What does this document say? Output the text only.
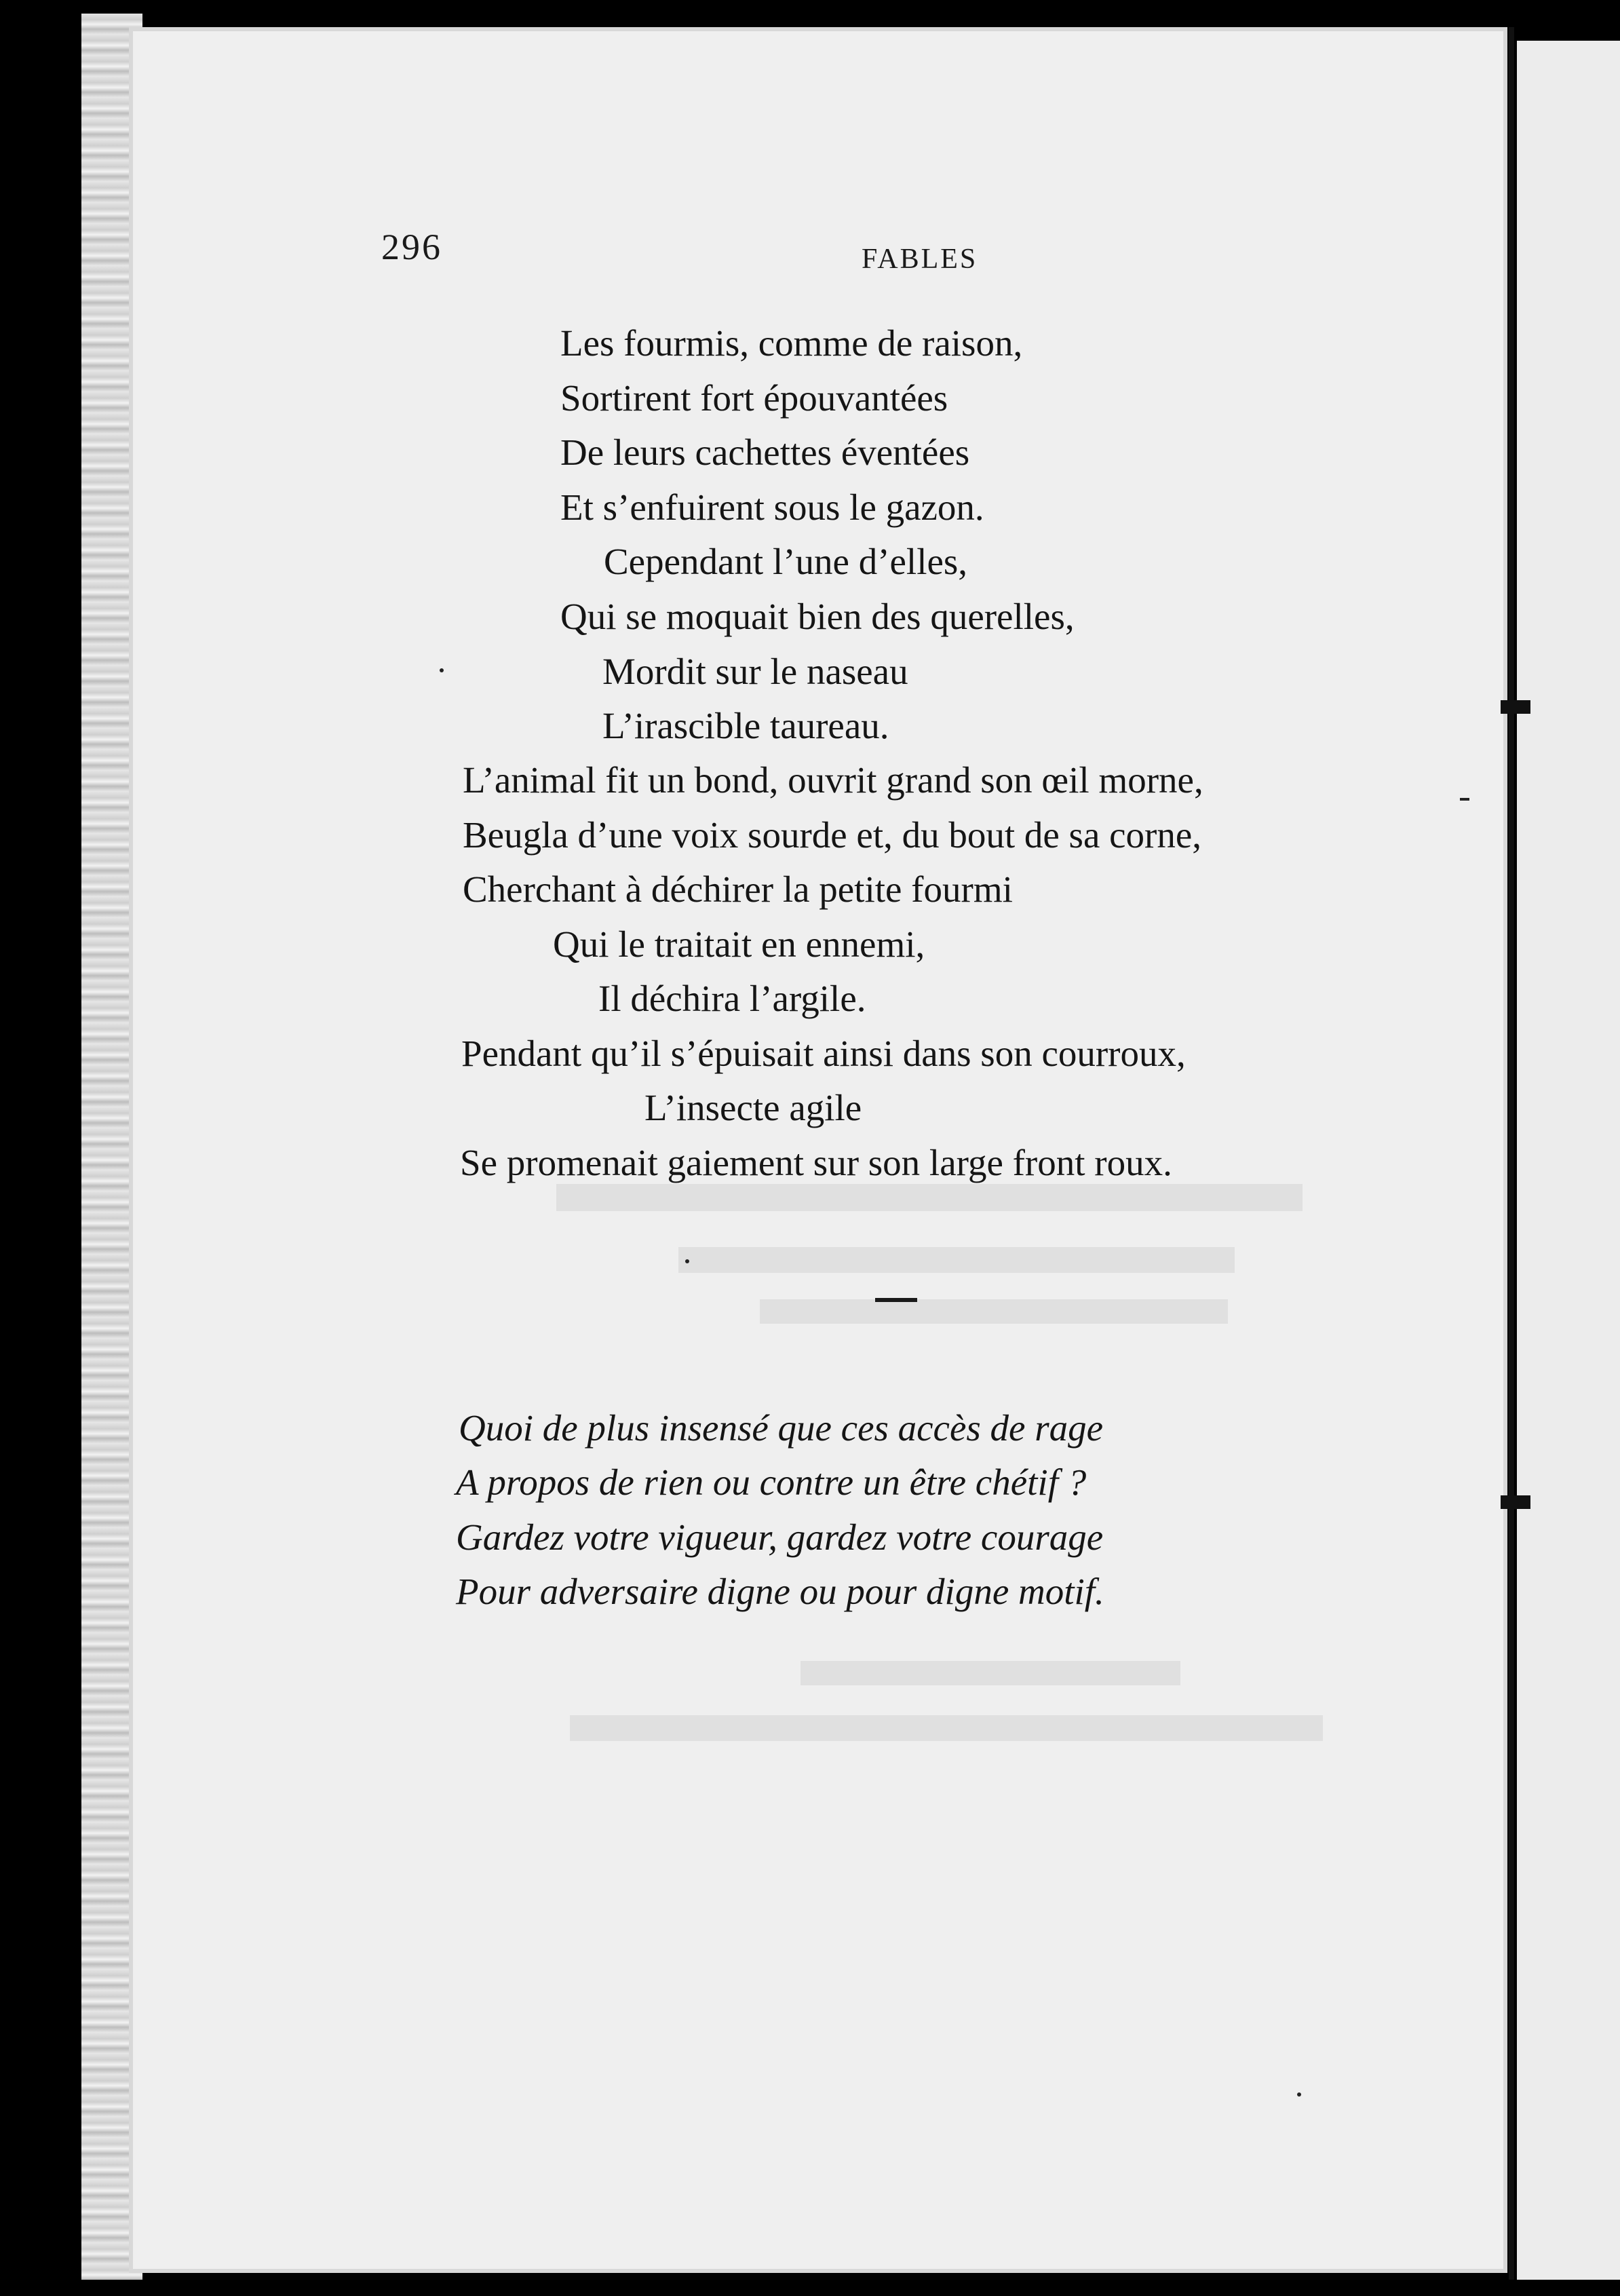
296	FABLES
Les fourmis, comme de raison,
Sortirent fort épouvantées
De leurs cachettes éventées
Et s’enfuirent sous le gazon.
Cependant l’une d’elles,
Qui se moquait bien des querelles,
Mordit sur le naseau
L’irascible taureau.
L’animal fit un bond, ouvrit grand son œil morne,
Beugla d’une voix sourde et, du bout de sa corne,
Cherchant à déchirer la petite fourmi
Qui le traitait en ennemi,
Il déchira l’argile.
Pendant qu’il s’épuisait ainsi dans son courroux,
L’insecte agile
Se promenait gaiement sur son large front roux.
Quoi de plus insensé que ces accès de rage
A propos de rien ou contre un être chétif ?
Gardez votre vigueur, gardez votre courage
Pour adversaire digne ou pour digne motif.
